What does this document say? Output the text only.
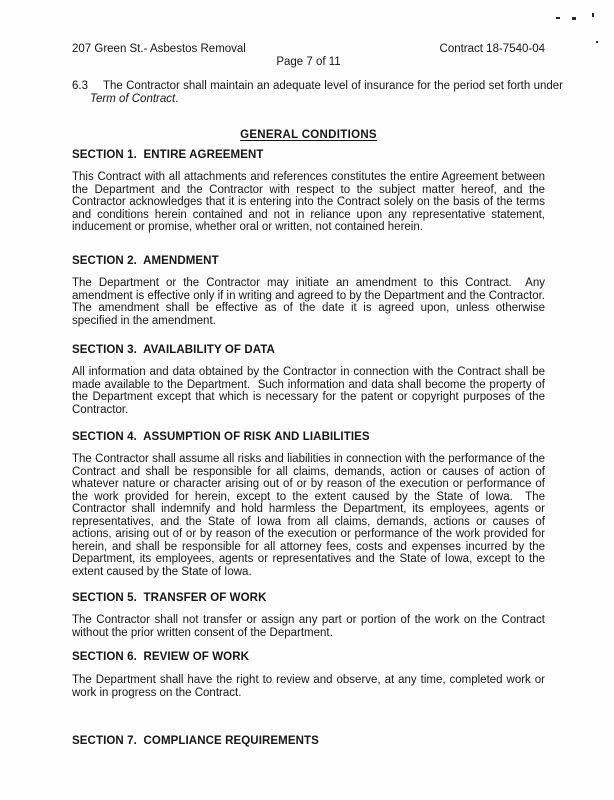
207 Green St.- Asbestos Removal	Contract 18-7540-04
Page 7 of 11
6.3 The Contractor shall maintain an adequate level of insurance for the period set forth under Term of Contract.
GENERAL CONDITIONS
SECTION 1.  ENTIRE AGREEMENT
This Contract with all attachments and references constitutes the entire Agreement between the Department and the Contractor with respect to the subject matter hereof, and the Contractor acknowledges that it is entering into the Contract solely on the basis of the terms and conditions herein contained and not in reliance upon any representative statement, inducement or promise, whether oral or written, not contained herein.
SECTION 2.  AMENDMENT
The Department or the Contractor may initiate an amendment to this Contract.  Any amendment is effective only if in writing and agreed to by the Department and the Contractor.  The amendment shall be effective as of the date it is agreed upon, unless otherwise specified in the amendment.
SECTION 3.  AVAILABILITY OF DATA
All information and data obtained by the Contractor in connection with the Contract shall be made available to the Department.  Such information and data shall become the property of the Department except that which is necessary for the patent or copyright purposes of the Contractor.
SECTION 4.  ASSUMPTION OF RISK AND LIABILITIES
The Contractor shall assume all risks and liabilities in connection with the performance of the Contract and shall be responsible for all claims, demands, action or causes of action of whatever nature or character arising out of or by reason of the execution or performance of the work provided for herein, except to the extent caused by the State of Iowa.  The Contractor shall indemnify and hold harmless the Department, its employees, agents or representatives, and the State of Iowa from all claims, demands, actions or causes of actions, arising out of or by reason of the execution or performance of the work provided for herein, and shall be responsible for all attorney fees, costs and expenses incurred by the Department, its employees, agents or representatives and the State of Iowa, except to the extent caused by the State of Iowa.
SECTION 5.  TRANSFER OF WORK
The Contractor shall not transfer or assign any part or portion of the work on the Contract without the prior written consent of the Department.
SECTION 6.  REVIEW OF WORK
The Department shall have the right to review and observe, at any time, completed work or work in progress on the Contract.
SECTION 7.  COMPLIANCE REQUIREMENTS
